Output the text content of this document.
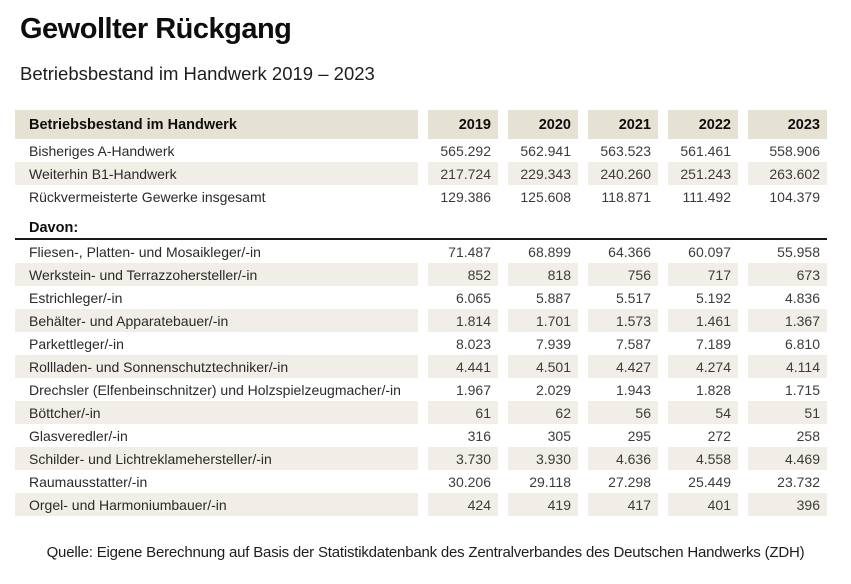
Gewollter Rückgang
Betriebsbestand im Handwerk 2019 – 2023
Betriebsbestand im Handwerk	2019	2020	2021	2022	2023
Bisheriges A-Handwerk	565.292	562.941	563.523	561.461	558.906
Weiterhin B1-Handwerk	217.724	229.343	240.260	251.243	263.602
Rückvermeisterte Gewerke insgesamt	129.386	125.608	118.871	111.492	104.379
Davon:
Fliesen-, Platten- und Mosaikleger/-in	71.487	68.899	64.366	60.097	55.958
Werkstein- und Terrazzohersteller/-in	852	818	756	717	673
Estrichleger/-in	6.065	5.887	5.517	5.192	4.836
Behälter- und Apparatebauer/-in	1.814	1.701	1.573	1.461	1.367
Parkettleger/-in	8.023	7.939	7.587	7.189	6.810
Rollladen- und Sonnenschutztechniker/-in	4.441	4.501	4.427	4.274	4.114
Drechsler (Elfenbeinschnitzer) und Holzspielzeugmacher/-in	1.967	2.029	1.943	1.828	1.715
Böttcher/-in	61	62	56	54	51
Glasveredler/-in	316	305	295	272	258
Schilder- und Lichtreklamehersteller/-in	3.730	3.930	4.636	4.558	4.469
Raumausstatter/-in	30.206	29.118	27.298	25.449	23.732
Orgel- und Harmoniumbauer/-in	424	419	417	401	396
Quelle: Eigene Berechnung auf Basis der Statistikdatenbank des Zentralverbandes des Deutschen Handwerks (ZDH)
